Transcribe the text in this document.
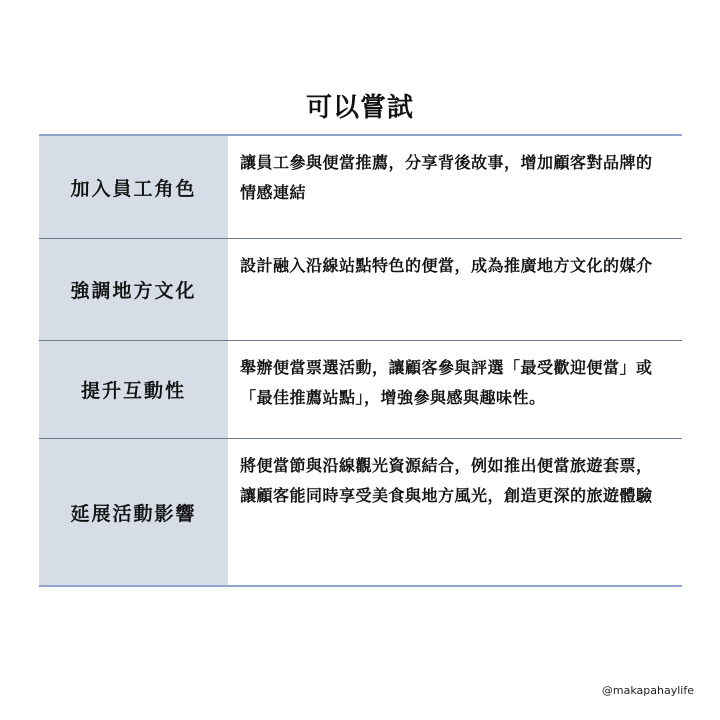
可以嘗試
加入員工角色
讓員工參與便當推薦，分享背後故事，增加顧客對品牌的情感連結
強調地方文化
設計融入沿線站點特色的便當，成為推廣地方文化的媒介
提升互動性
舉辦便當票選活動，讓顧客參與評選「最受歡迎便當」或「最佳推薦站點」，增強參與感與趣味性。
延展活動影響
將便當節與沿線觀光資源結合，例如推出便當旅遊套票，讓顧客能同時享受美食與地方風光，創造更深的旅遊體驗
@makapahaylife
